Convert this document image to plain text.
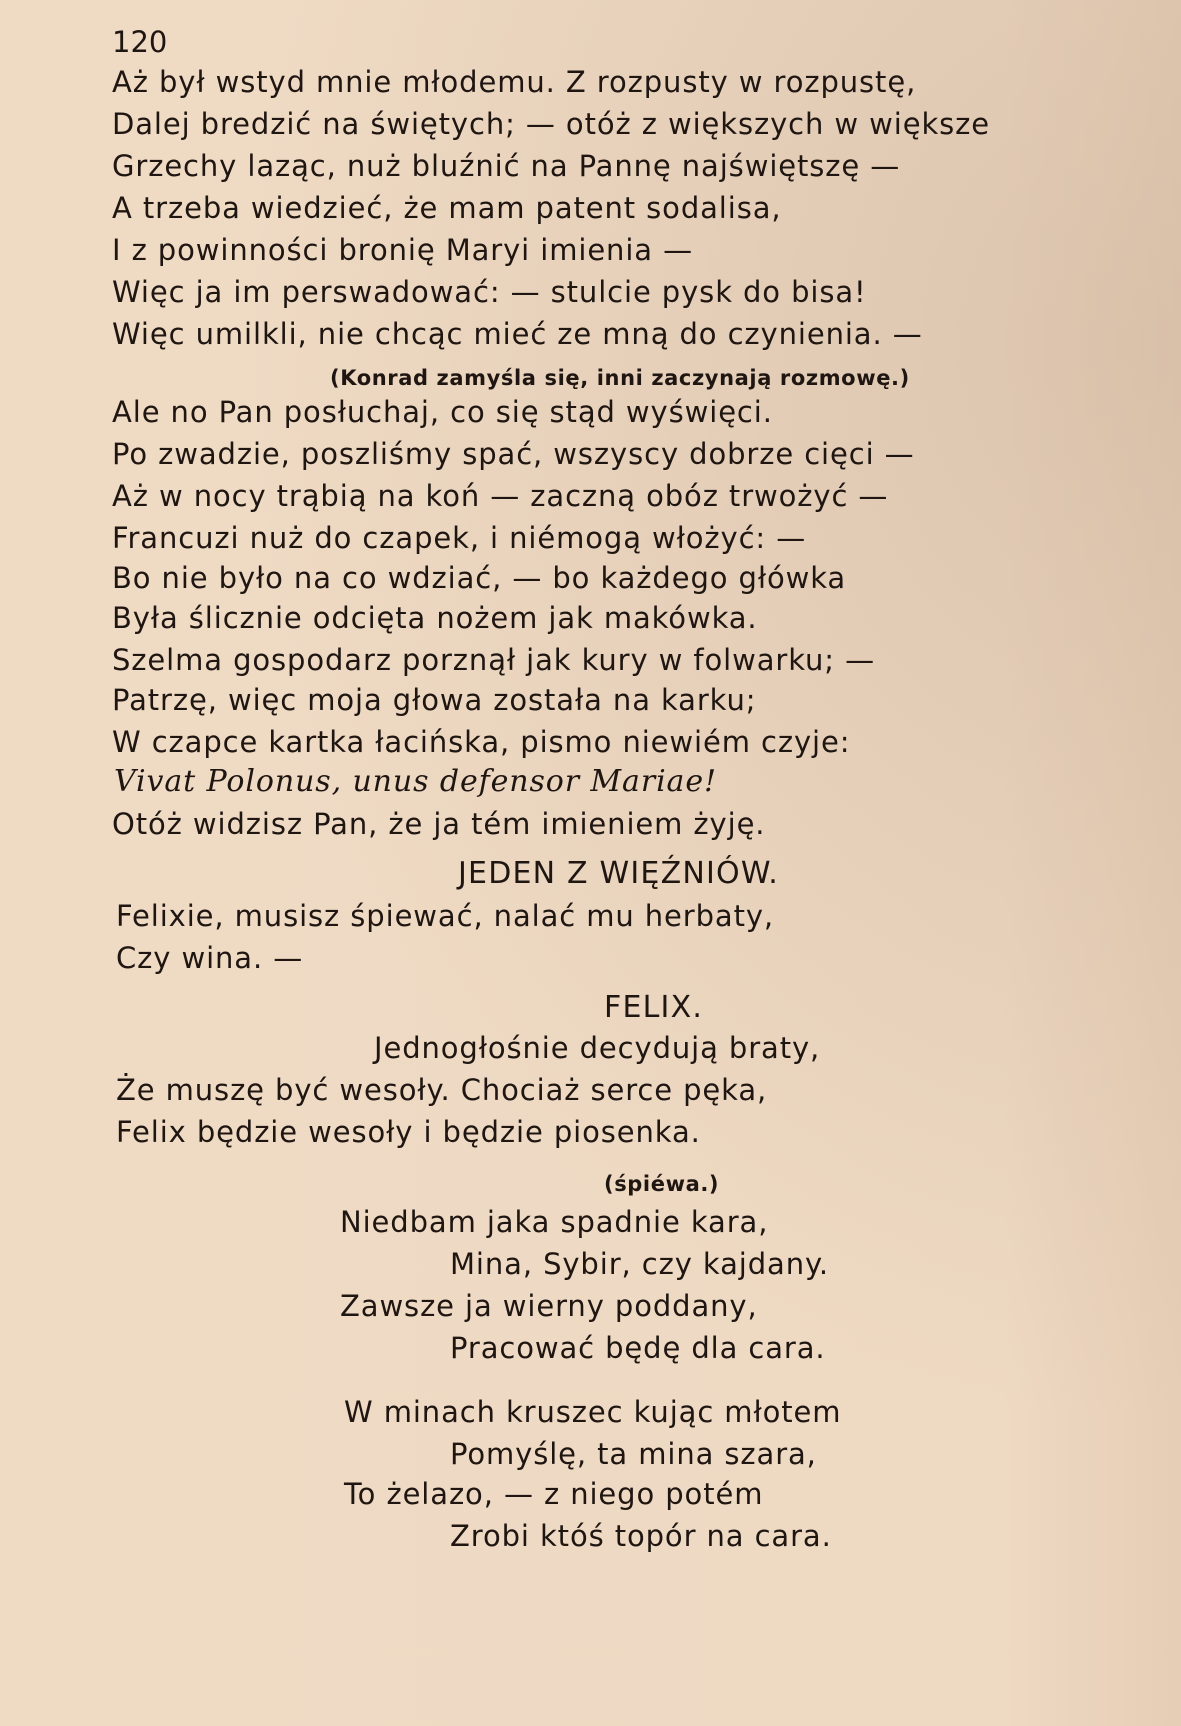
120
Aż był wstyd mnie młodemu. Z rozpusty w rozpustę,
Dalej bredzić na świętych; — otóż z większych w większe
Grzechy laząc, nuż bluźnić na Pannę najświętszę —
A trzeba wiedzieć, że mam patent sodalisa,
I z powinności bronię Maryi imienia —
Więc ja im perswadować: — stulcie pysk do bisa!
Więc umilkli, nie chcąc mieć ze mną do czynienia. —
(Konrad zamyśla się, inni zaczynają rozmowę.)
Ale no Pan posłuchaj, co się stąd wyświęci.
Po zwadzie, poszliśmy spać, wszyscy dobrze cięci —
Aż w nocy trąbią na koń — zaczną obóz trwożyć —
Francuzi nuż do czapek, i niémogą włożyć: —
Bo nie było na co wdziać, — bo każdego główka
Była ślicznie odcięta nożem jak makówka.
Szelma gospodarz porznął jak kury w folwarku; —
Patrzę, więc moja głowa została na karku;
W czapce kartka łacińska, pismo niewiém czyje:
Vivat Polonus, unus defensor Mariae!
Otóż widzisz Pan, że ja tém imieniem żyję.
JEDEN Z WIĘŹNIÓW.
Felixie, musisz śpiewać, nalać mu herbaty,
Czy wina. —
FELIX.
Jednogłośnie decydują braty,
Że muszę być wesoły. Chociaż serce pęka,
Felix będzie wesoły i będzie piosenka.
(śpiéwa.)
Niedbam jaka spadnie kara,
Mina, Sybir, czy kajdany.
Zawsze ja wierny poddany,
Pracować będę dla cara.
W minach kruszec kując młotem
Pomyślę, ta mina szara,
To żelazo, — z niego potém
Zrobi któś topór na cara.
